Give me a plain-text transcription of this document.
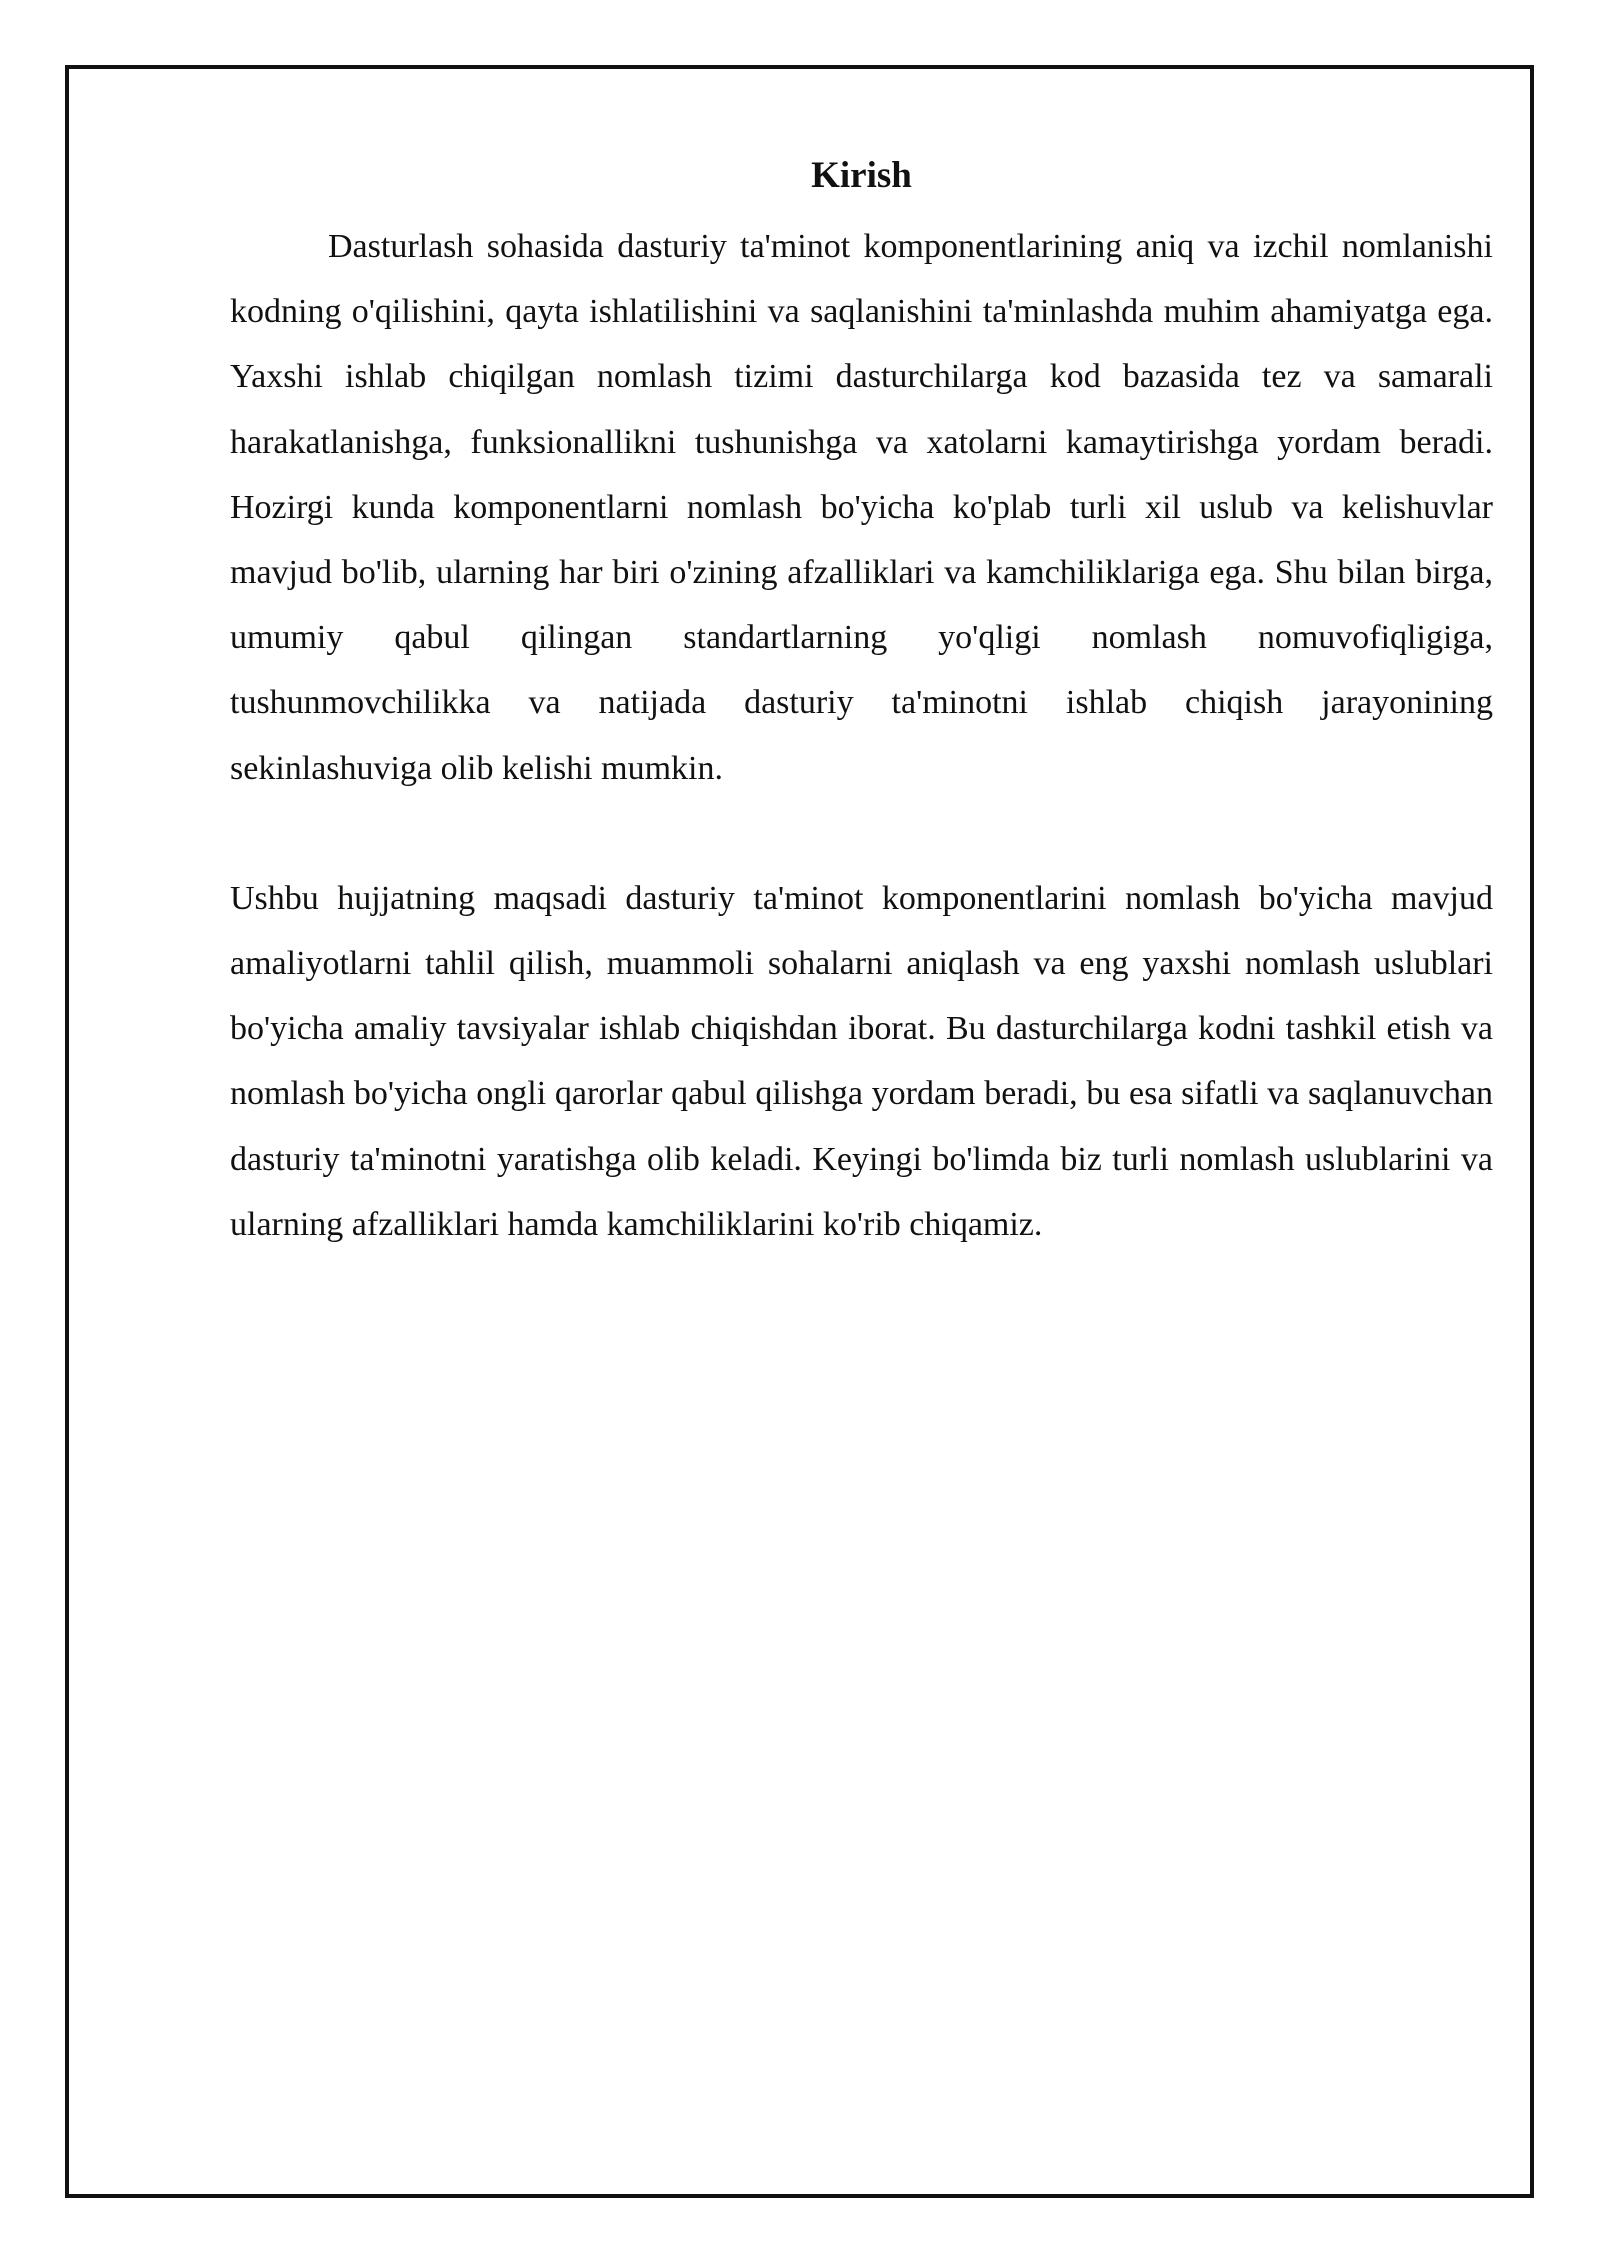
Kirish

Dasturlash sohasida dasturiy ta'minot komponentlarining aniq va izchil nomlanishi kodning o'qilishini, qayta ishlatilishini va saqlanishini ta'minlashda muhim ahamiyatga ega. Yaxshi ishlab chiqilgan nomlash tizimi dasturchilarga kod bazasida tez va samarali harakatlanishga, funksionallikni tushunishga va xatolarni kamaytirishga yordam beradi. Hozirgi kunda komponentlarni nomlash bo'yicha ko'plab turli xil uslub va kelishuvlar mavjud bo'lib, ularning har biri o'zining afzalliklari va kamchiliklariga ega. Shu bilan birga, umumiy qabul qilingan standartlarning yo'qligi nomlash nomuvofiqligiga, tushunmovchilikka va natijada dasturiy ta'minotni ishlab chiqish jarayonining sekinlashuviga olib kelishi mumkin.

Ushbu hujjatning maqsadi dasturiy ta'minot komponentlarini nomlash bo'yicha mavjud amaliyotlarni tahlil qilish, muammoli sohalarni aniqlash va eng yaxshi nomlash uslublari bo'yicha amaliy tavsiyalar ishlab chiqishdan iborat. Bu dasturchilarga kodni tashkil etish va nomlash bo'yicha ongli qarorlar qabul qilishga yordam beradi, bu esa sifatli va saqlanuvchan dasturiy ta'minotni yaratishga olib keladi. Keyingi bo'limda biz turli nomlash uslublarini va ularning afzalliklari hamda kamchiliklarini ko'rib chiqamiz.
